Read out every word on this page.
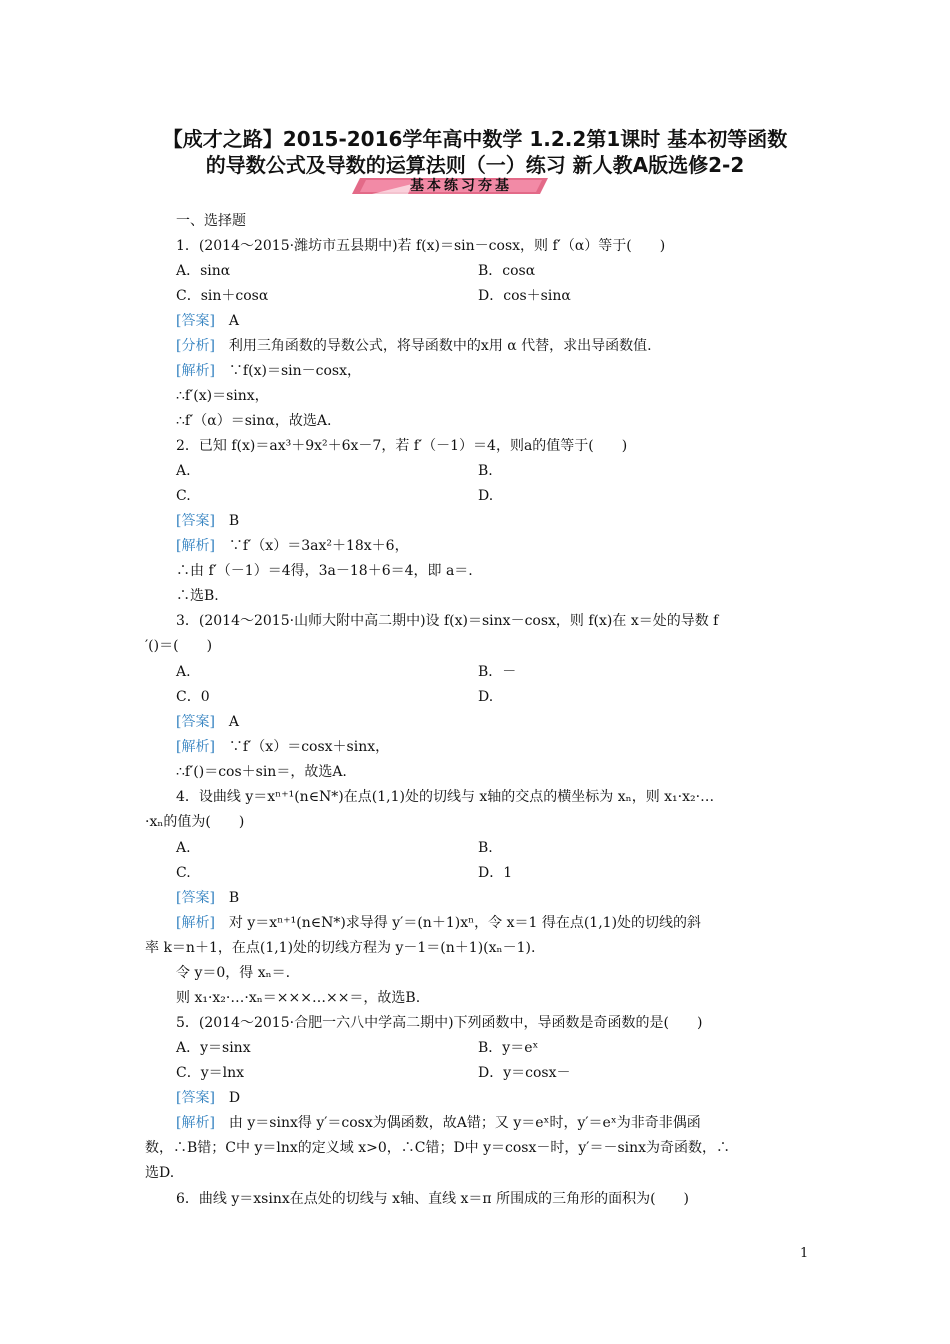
【成才之路】2015-2016学年高中数学 1.2.2第1课时 基本初等函数
的导数公式及导数的运算法则（一）练习 新人教A版选修2-2
基本练习夯基
一、选择题
1．(2014～2015·潍坊市五县期中)若 f(x)＝sin－cosx，则 f′（α）等于(　　)
A．sinα	B．cosα
C．sin＋cosα	D．cos＋sinα
[答案]　A
[分析]　利用三角函数的导数公式，将导函数中的x用 α 代替，求出导函数值.
[解析]　∵f(x)＝sin－cosx，
∴f′(x)＝sinx，
∴f′（α）＝sinα，故选A.
2．已知 f(x)＝ax³＋9x²＋6x－7，若 f′（－1）＝4，则a的值等于(　　)
A.	B.
C.	D.
[答案]　B
[解析]　∵f′（x）＝3ax²＋18x＋6，
∴由 f′（－1）＝4得，3a－18＋6＝4，即 a＝.
∴选B.
3．(2014～2015·山师大附中高二期中)设 f(x)＝sinx－cosx，则 f(x)在 x＝处的导数 f
′()＝(　　)
A.	B．－
C．0	D.
[答案]　A
[解析]　∵f′（x）＝cosx＋sinx，
∴f′()＝cos＋sin＝，故选A.
4．设曲线 y＝xⁿ⁺¹(n∈N*)在点(1,1)处的切线与 x轴的交点的横坐标为 xₙ，则 x₁·x₂·…
·xₙ的值为(　　)
A.	B.
C.	D．1
[答案]　B
[解析]　对 y＝xⁿ⁺¹(n∈N*)求导得 y′＝(n＋1)xⁿ，令 x＝1 得在点(1,1)处的切线的斜
率 k＝n＋1，在点(1,1)处的切线方程为 y－1＝(n＋1)(xₙ－1).
令 y＝0，得 xₙ＝.
则 x₁·x₂·…·xₙ＝×××…××＝，故选B.
5．(2014～2015·合肥一六八中学高二期中)下列函数中，导函数是奇函数的是(　　)
A．y＝sinx	B．y＝eˣ
C．y＝lnx	D．y＝cosx－
[答案]　D
[解析]　由 y＝sinx得 y′＝cosx为偶函数，故A错；又 y＝eˣ时，y′＝eˣ为非奇非偶函
数，∴B错；C中 y＝lnx的定义域 x>0，∴C错；D中 y＝cosx－时，y′＝－sinx为奇函数，∴
选D.
6．曲线 y＝xsinx在点处的切线与 x轴、直线 x＝π 所围成的三角形的面积为(　　)
1
